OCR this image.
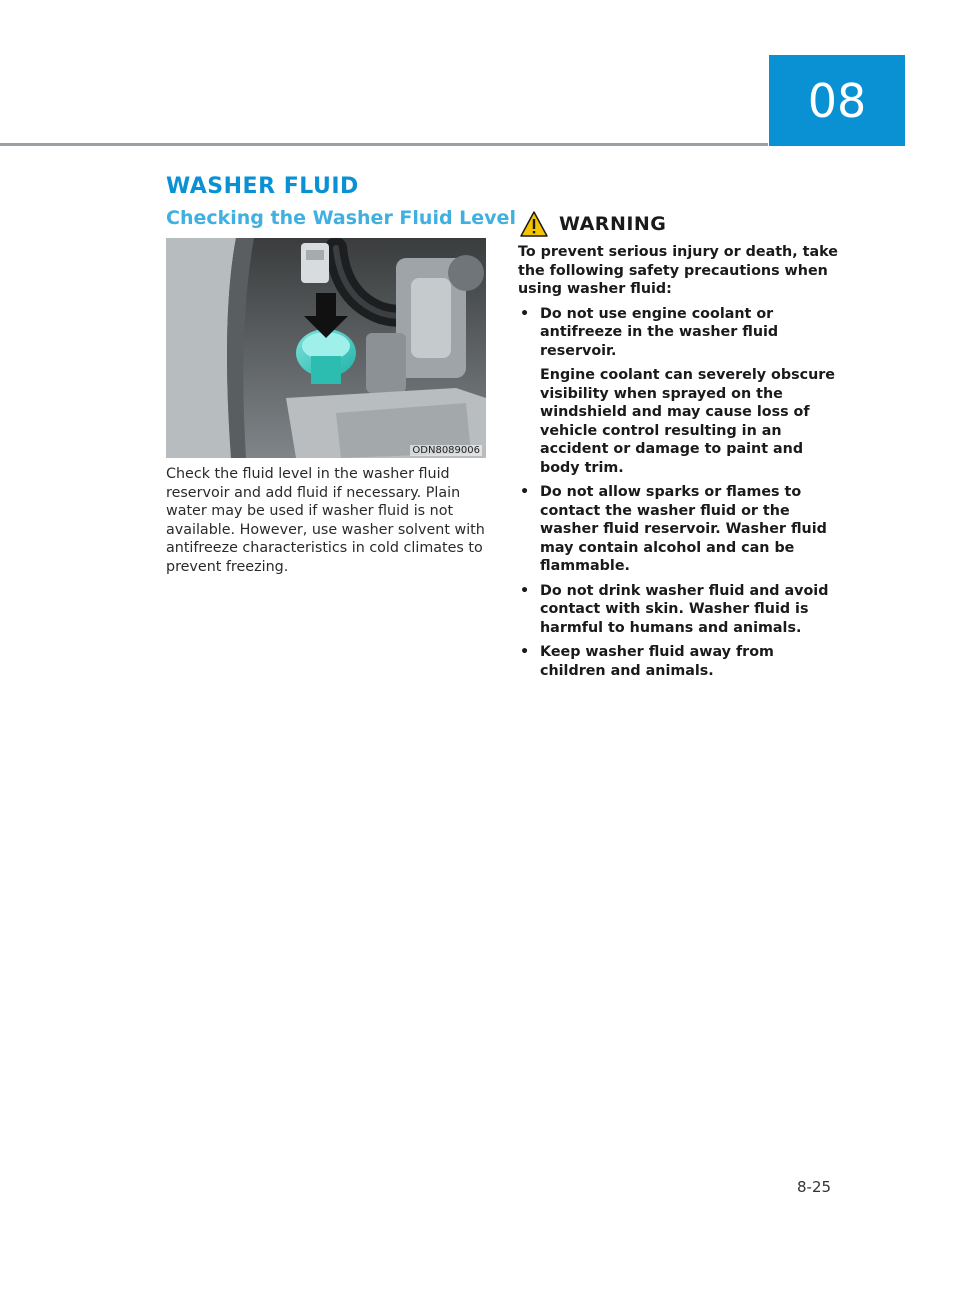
08
WASHER FLUID
Checking the Washer Fluid Level
ODN8089006

Check the fluid level in the washer fluid reservoir and add fluid if necessary. Plain water may be used if washer fluid is not available. However, use washer solvent with antifreeze characteristics in cold climates to prevent freezing.

WARNING

To prevent serious injury or death, take the following safety precautions when using washer fluid:

• Do not use engine coolant or antifreeze in the washer fluid reservoir.
Engine coolant can severely obscure visibility when sprayed on the windshield and may cause loss of vehicle control resulting in an accident or damage to paint and body trim.
• Do not allow sparks or flames to contact the washer fluid or the washer fluid reservoir. Washer fluid may contain alcohol and can be flammable.
• Do not drink washer fluid and avoid contact with skin. Washer fluid is harmful to humans and animals.
• Keep washer fluid away from children and animals.
8-25
